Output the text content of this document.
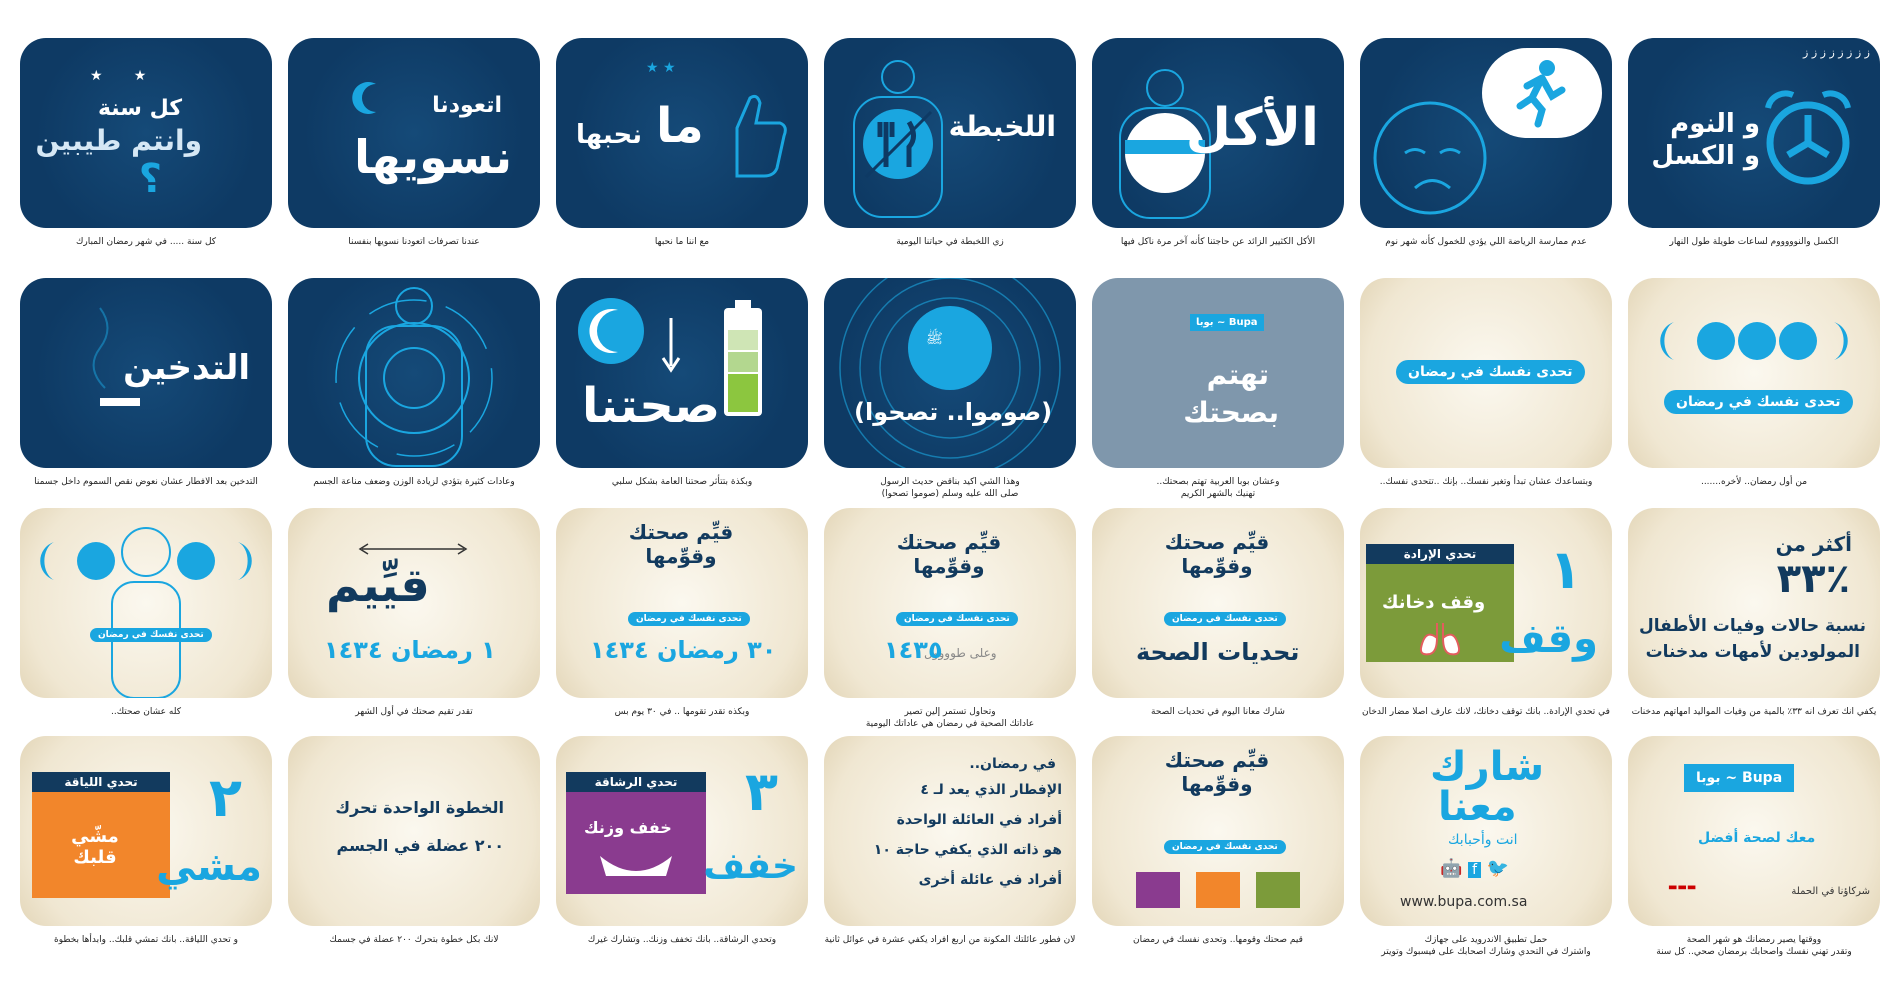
ﺯ ﺯ ﺯ ﺯ ﺯ ﺯ ﺯ ﺯ
و النوم و الكسل
الكسل والنوووووم لساعات طويلة طول النهار
عدم ممارسة الرياضة اللي يؤدي للخمول كأنه شهر نوم
الأكل
الأكل الكثيير الزائد عن حاجتنا كأنه آخر مرة ناكل فيها
اللخبطة
زي اللخبطة في حياتنا اليومية
★ ★
ما
نحبها
مع اننا ما نحبها
اتعودنا
نسويها
عندنا تصرفات اتعودنا نسويها بنفسنا
★       ★
كل سنة
وانتم طيبين
؟
كل سنة ..... في شهر رمضان المبارك
تحدى نفسك في رمضان
من أول رمضان.. لأخره.......
تحدى نفسك في رمضان
وبتساعدك عشان تبدأ وتغير نفسك.. بإنك ..تتحدى نفسك..
Bupa ~ بوبا
تهتم
بصحتك
وعشان بوبا العربية تهتم بصحتك..
تهنيك بالشهر الكريم
ﷺ
(صوموا.. تصحوا)
وهذا الشي اكيد بناقض حديث الرسول
صلى الله عليه وسلم (صوموا تصحوا)
صحتنا
وبكذة بتتأثر صحتنا العامة بشكل سلبي
وعادات كثيرة بتؤدي لزيادة الوزن وضعف مناعة الجسم
التدخين
التدخين بعد الافطار عشان نعوض نقص السموم داخل جسمنا
أكثر من
٪٣٣
نسبة حالات وفيات الأطفال
المولودين لأمهات مدخنات
يكفي انك تعرف انه ٣٣٪ بالمية من وفيات المواليد امهاتهم مدخنات
تحدي الإرادة
وقف دخانك
١
وقف
في تحدي الإرادة.. بانك توقف دخانك، لانك عارف اصلا مضار الدخان
قيِّم صحتك وقوِّمها
تحدى نفسك في رمضان
تحديات الصحة
شارك معانا اليوم في تحديات الصحة
قيِّم صحتك وقوِّمها
تحدى نفسك في رمضان
وعلى طوووول
١٤٣٥
وتحاول تستمر إلين تصير
عاداتك الصحية في رمضان هي عاداتك اليومية
قيِّم صحتك وقوِّمها
تحدى نفسك في رمضان
٣٠ رمضان ١٤٣٤
وبكذه تقدر تقومها .. في ٣٠ يوم بس
قيِّيم
١ رمضان ١٤٣٤
تقدر تقيم صحتك في أول الشهر
تحدى نفسك في رمضان
كله عشان صحتك..
Bupa ~ بوبا
معك لصحة أفضل
شركاؤنا في الحملة
▬▬▬
ووقتها يصير رمضانك هو شهر الصحة
وتقدر تهني نفسك واصحابك برمضان صحي.. كل سنة
شارك
معنا
انت وأحبابك
🐦 f 🤖
www.bupa.com.sa
حمل تطبيق الاندرويد على جهازك
واشترك في التحدي وشارك اصحابك على فيسبوك وتويتر
قيِّم صحتك وقوِّمها
تحدى نفسك في رمضان
قيم صحتك وقومها.. وتحدى نفسك في رمضان
في رمضان..
الإفطار الذي يعد لـ ٤
أفراد في العائلة الواحدة
هو ذاته الذي يكفي حاجة ١٠
أفراد في عائلة أخرى
لان فطور عائلتك المكونة من اربع افراد يكفي عشرة في عوائل ثانية
تحدي الرشاقة
خفف وزنك
٣
خفف
وتحدي الرشاقة.. بانك تخفف وزنك.. وتشارك غيرك
الخطوة الواحدة تحرك
٢٠٠ عضلة في الجسم
لانك بكل خطوة بتحرك ٢٠٠ عضلة في جسمك
تحدي اللياقة
مشّي قلبك
٢
مشي
و تحدي اللياقة.. بانك تمشي قلبك.. وابدأها بخطوة
